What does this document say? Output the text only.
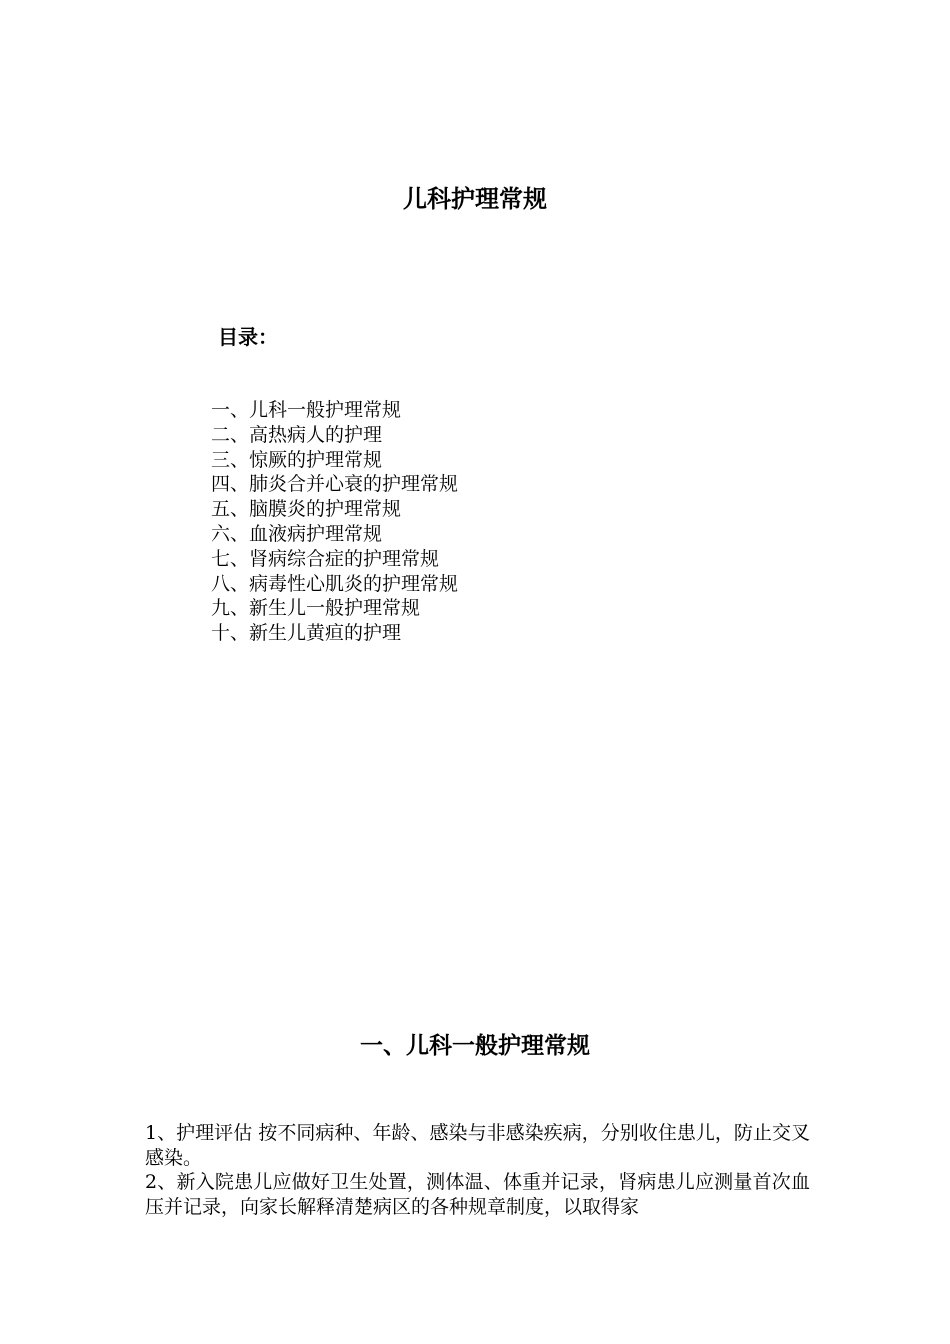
儿科护理常规
目录：
一、儿科一般护理常规
二、高热病人的护理
三、惊厥的护理常规
四、肺炎合并心衰的护理常规
五、脑膜炎的护理常规
六、血液病护理常规
七、肾病综合症的护理常规
八、病毒性心肌炎的护理常规
九、新生儿一般护理常规
十、新生儿黄疸的护理
一、儿科一般护理常规

1、护理评估 按不同病种、年龄、感染与非感染疾病，分别收住患儿，防止交叉感染。

2、新入院患儿应做好卫生处置，测体温、体重并记录，肾病患儿应测量首次血压并记录，向家长解释清楚病区的各种规章制度，以取得家
